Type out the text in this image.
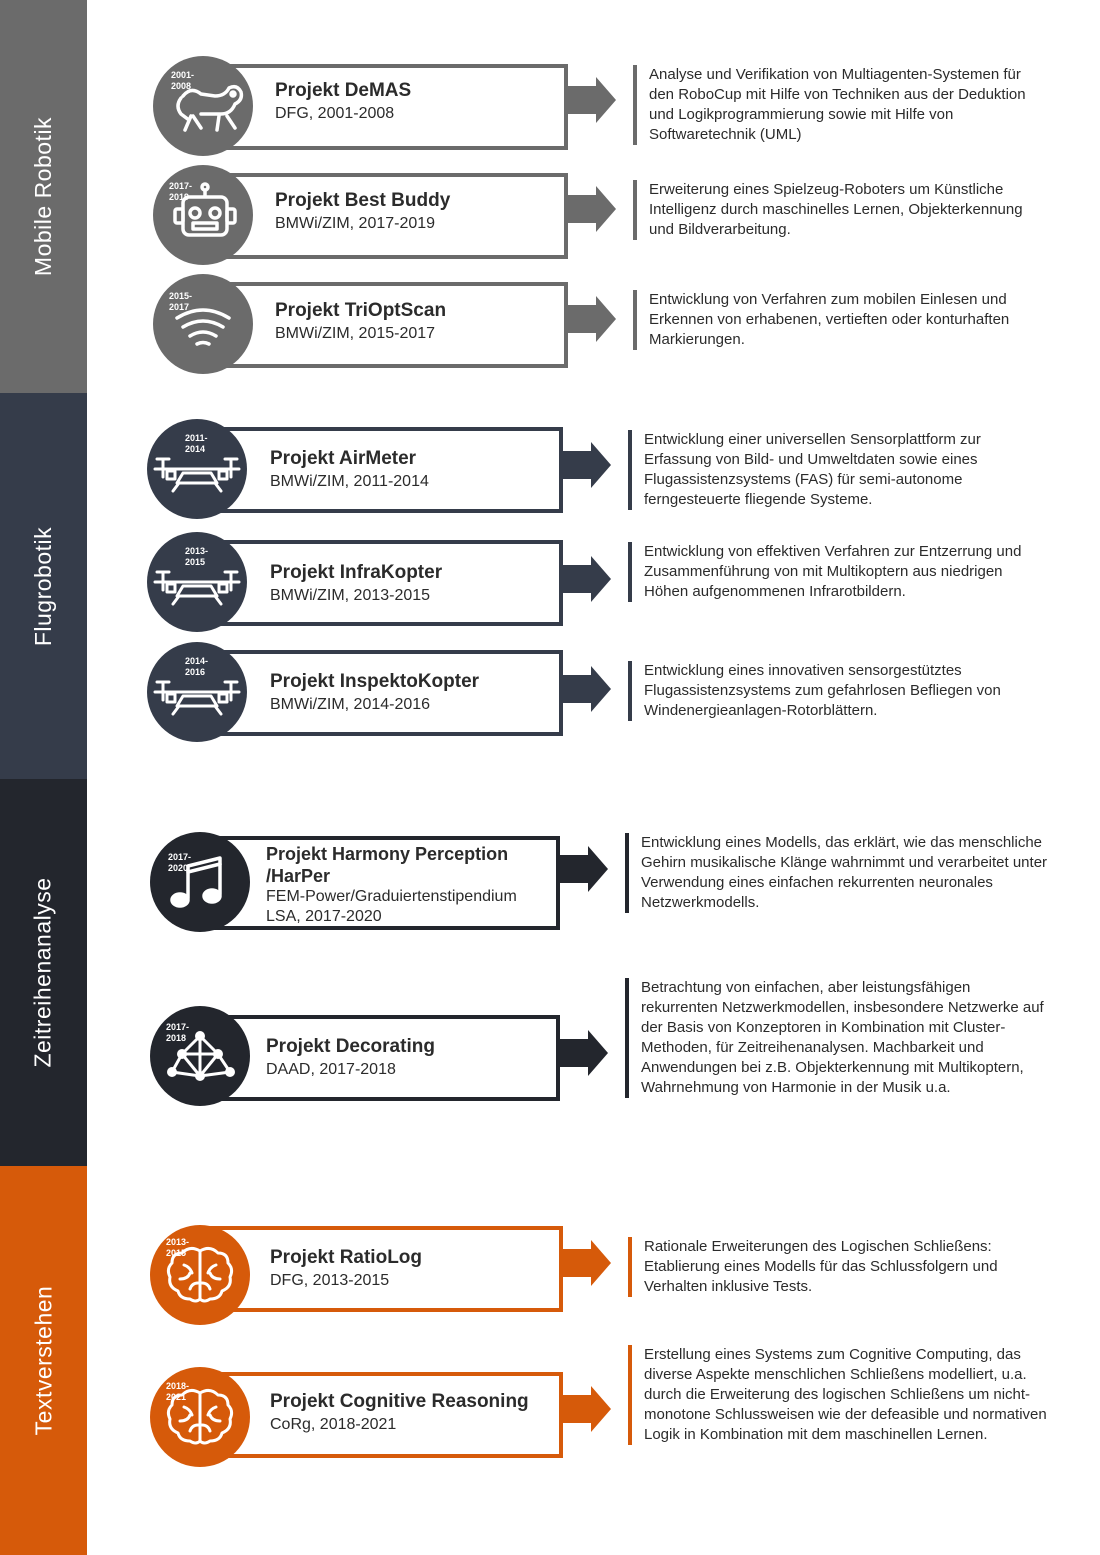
Mobile Robotik
Flugrobotik
Zeitreihenanalyse
Textverstehen
2001-
2008	Projekt DeMAS
DFG, 2001-2008
Analyse und Verifikation von Multiagenten-Systemen für den RoboCup mit Hilfe von Techniken aus der Deduktion und Logikprogrammierung sowie mit Hilfe von Softwaretechnik (UML)
2017-
2019	Projekt Best Buddy
BMWi/ZIM, 2017-2019
Erweiterung eines Spielzeug-Roboters um Künstliche Intelligenz durch maschinelles Lernen, Objekterkennung und Bildverarbeitung.
2015-
2017	Projekt TriOptScan
BMWi/ZIM, 2015-2017
Entwicklung von Verfahren zum mobilen Einlesen und Erkennen von erhabenen, vertieften oder konturhaften Markierungen.
2011-
2014	Projekt AirMeter
BMWi/ZIM, 2011-2014
Entwicklung einer universellen Sensorplattform zur Erfassung von Bild- und Umweltdaten sowie eines Flugassistenzsystems (FAS) für semi-autonome ferngesteuerte fliegende Systeme.
2013-
2015	Projekt InfraKopter
BMWi/ZIM, 2013-2015
Entwicklung von effektiven Verfahren zur Entzerrung und Zusammenführung von mit Multikoptern aus niedrigen Höhen aufgenommenen Infrarotbildern.
2014-
2016	Projekt InspektoKopter
BMWi/ZIM, 2014-2016
Entwicklung eines innovativen sensorgestütztes Flugassistenzsystems zum gefahrlosen Befliegen von Windenergieanlagen-Rotorblättern.
2017-
2020
Projekt Harmony Perception
/HarPer
FEM-Power/Graduiertenstipendium
LSA, 2017-2020
Entwicklung eines Modells, das erklärt, wie das menschliche Gehirn musikalische Klänge wahrnimmt und verarbeitet unter Verwendung eines einfachen rekurrenten neuronales Netzwerkmodells.
2017-
2018	Projekt Decorating
DAAD, 2017-2018
Betrachtung von einfachen, aber leistungsfähigen rekurrenten Netzwerkmodellen, insbesondere Netzwerke auf der Basis von Konzeptoren in Kombination mit Cluster-Methoden, für Zeitreihenanalysen. Machbarkeit und Anwendungen bei z.B. Objekterkennung mit Multikoptern, Wahrnehmung von Harmonie in der Musik u.a.
2013-
2015	Projekt RatioLog
DFG, 2013-2015
Rationale Erweiterungen des Logischen Schließens: Etablierung eines Modells für das Schlussfolgern und Verhalten inklusive Tests.
2018-
2021	Projekt Cognitive Reasoning
CoRg, 2018-2021
Erstellung eines Systems zum Cognitive Computing, das diverse Aspekte menschlichen Schließens modelliert, u.a. durch die Erweiterung des logischen Schließens um nicht-monotone Schlussweisen wie der defeasible und normativen Logik in Kombination mit dem maschinellen Lernen.
